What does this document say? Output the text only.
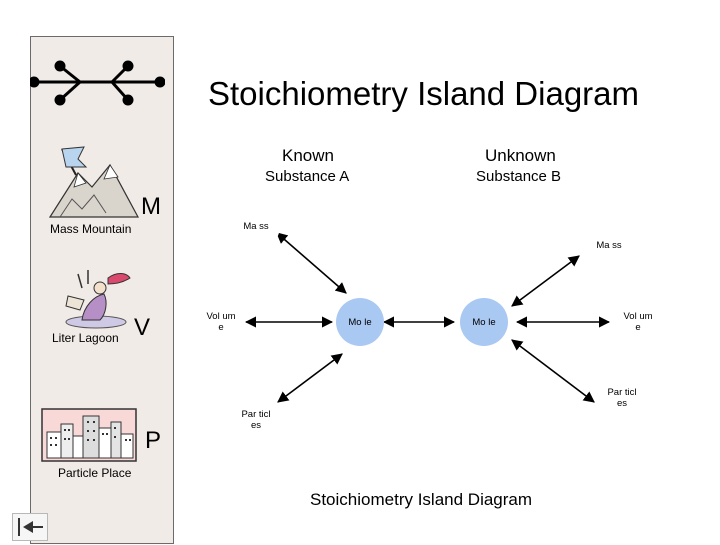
Stoichiometry Island Diagram
Known
Substance A
Unknown
Substance B
M
Mass Mountain
V
Liter Lagoon
P
Particle Place
Ma ss
Vol um e	Mo le
Par ticl es
Mo le
Ma ss
Vol um e
Par ticl es
Stoichiometry Island Diagram
